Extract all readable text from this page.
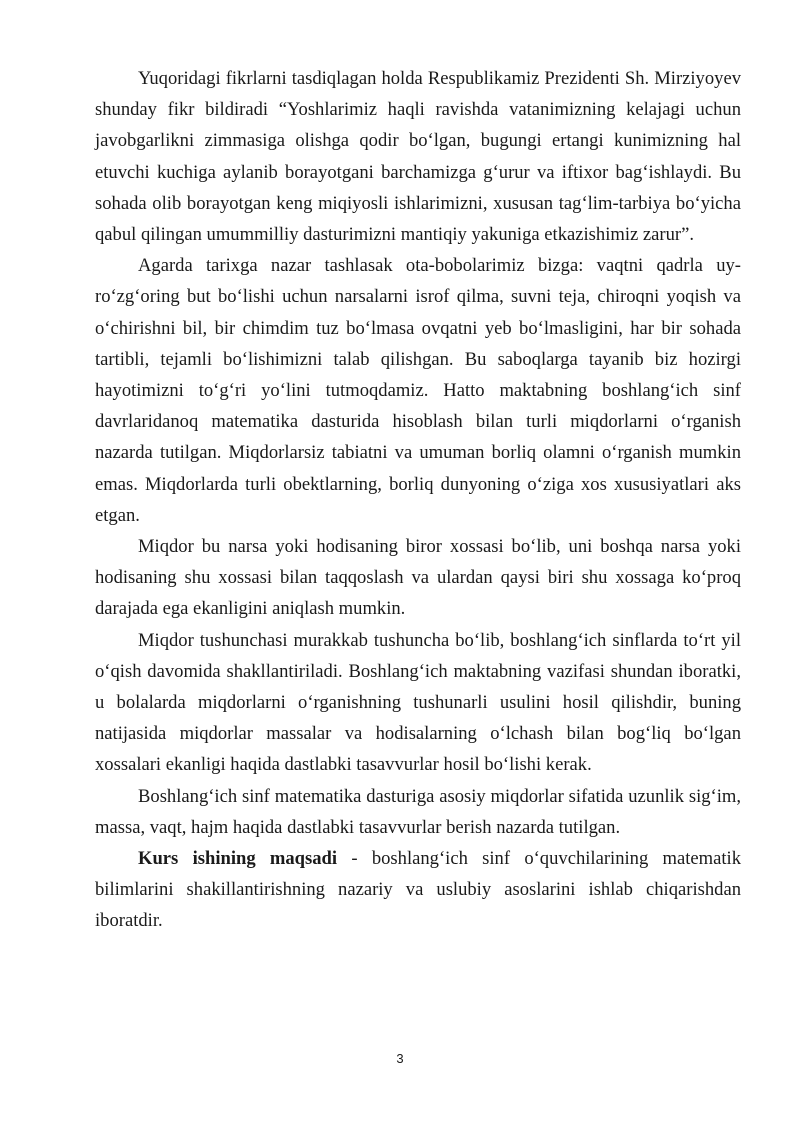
Yuqoridagi fikrlarni tasdiqlagan holda Respublikamiz Prezidenti Sh. Mirziyoyev shunday fikr bildiradi “Yoshlarimiz haqli ravishda vatanimizning kelajagi uchun javobgarlikni zimmasiga olishga qodir bo‘lgan, bugungi ertangi kunimizning hal etuvchi kuchiga aylanib borayotgani barchamizga g‘urur va iftixor bag‘ishlaydi. Bu sohada olib borayotgan keng miqiyosli ishlarimizni, xususan tag‘lim-tarbiya bo‘yicha qabul qilingan umummilliy dasturimizni mantiqiy yakuniga etkazishimiz zarur”.

Agarda tarixga nazar tashlasak ota-bobolarimiz bizga: vaqtni qadrla uy-ro‘zg‘oring but bo‘lishi uchun narsalarni isrof qilma, suvni teja, chiroqni yoqish va o‘chirishni bil, bir chimdim tuz bo‘lmasa ovqatni yeb bo‘lmasligini, har bir sohada tartibli, tejamli bo‘lishimizni talab qilishgan. Bu saboqlarga tayanib biz hozirgi hayotimizni to‘g‘ri yo‘lini tutmoqdamiz. Hatto maktabning boshlang‘ich sinf davrlaridanoq matematika dasturida hisoblash bilan turli miqdorlarni o‘rganish nazarda tutilgan. Miqdorlarsiz tabiatni va umuman borliq olamni o‘rganish mumkin emas. Miqdorlarda turli obektlarning, borliq dunyoning o‘ziga xos xususiyatlari aks etgan.

Miqdor bu narsa yoki hodisaning biror xossasi bo‘lib, uni boshqa narsa yoki hodisaning shu xossasi bilan taqqoslash va ulardan qaysi biri shu xossaga ko‘proq darajada ega ekanligini aniqlash mumkin.

Miqdor tushunchasi murakkab tushuncha bo‘lib, boshlang‘ich sinflarda to‘rt yil o‘qish davomida shakllantiriladi. Boshlang‘ich maktabning vazifasi shundan iboratki, u bolalarda miqdorlarni o‘rganishning tushunarli usulini hosil qilishdir, buning natijasida miqdorlar massalar va hodisalarning o‘lchash bilan bog‘liq bo‘lgan xossalari ekanligi haqida dastlabki tasavvurlar hosil bo‘lishi kerak.

Boshlang‘ich sinf matematika dasturiga asosiy miqdorlar sifatida uzunlik sig‘im, massa, vaqt, hajm haqida dastlabki tasavvurlar berish nazarda tutilgan.

Kurs ishining maqsadi - boshlang‘ich sinf o‘quvchilarining matematik bilimlarini shakillantirishning nazariy va uslubiy asoslarini ishlab chiqarishdan iboratdir.

3
